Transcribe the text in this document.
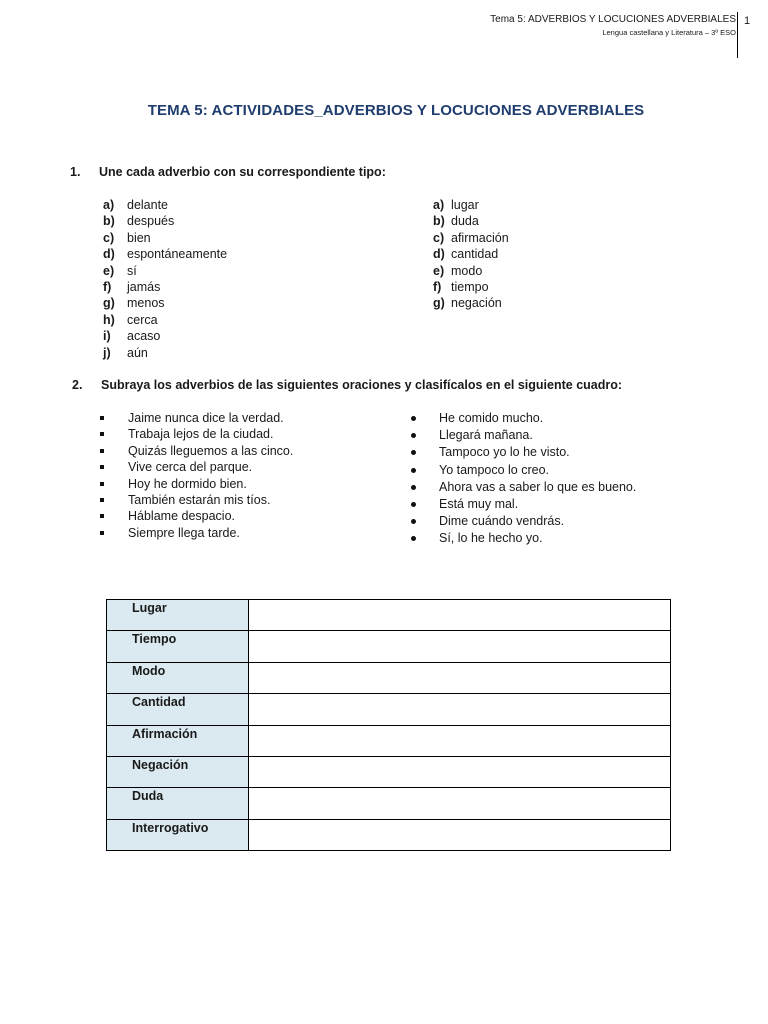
Tema 5: ADVERBIOS Y LOCUCIONES ADVERBIALES
Lengua castellana y Literatura – 3º ESO
1
TEMA 5: ACTIVIDADES_ADVERBIOS Y LOCUCIONES ADVERBIALES
1. Une cada adverbio con su correspondiente tipo:
a) delante
b) después
c) bien
d) espontáneamente
e) sí
f) jamás
g) menos
h) cerca
i) acaso
j) aún
a) lugar
b) duda
c) afirmación
d) cantidad
e) modo
f) tiempo
g) negación
2. Subraya los adverbios de las siguientes oraciones y clasifícalos en el siguiente cuadro:
Jaime nunca dice la verdad.
Trabaja lejos de la ciudad.
Quizás lleguemos a las cinco.
Vive cerca del parque.
Hoy he dormido bien.
También estarán mis tíos.
Háblame despacio.
Siempre llega tarde.
He comido mucho.
Llegará mañana.
Tampoco yo lo he visto.
Yo tampoco lo creo.
Ahora vas a saber lo que es bueno.
Está muy mal.
Dime cuándo vendrás.
Sí, lo he hecho yo.
Lugar	
Tiempo	
Modo	
Cantidad	
Afirmación	
Negación	
Duda	
Interrogativo	
